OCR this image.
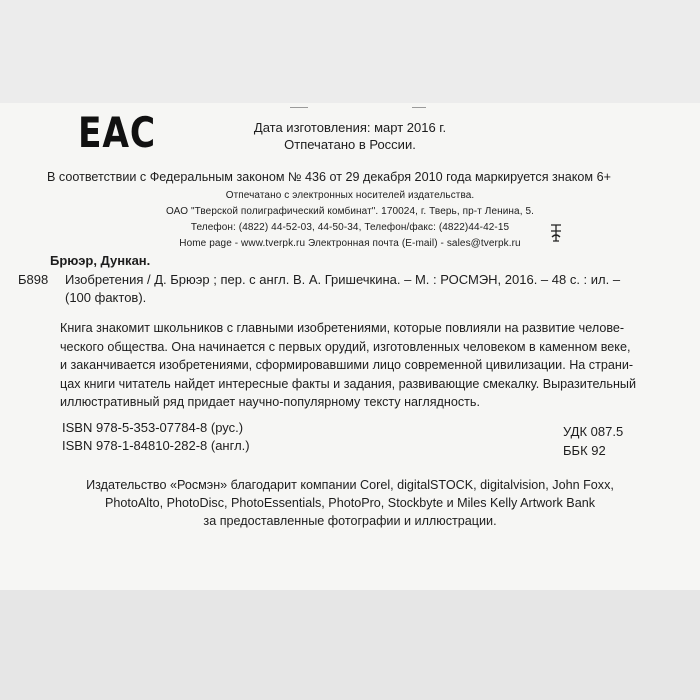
EAC	Дата изготовления: март 2016 г.
Отпечатано в России.
В соответствии с Федеральным законом № 436 от 29 декабря 2010 года маркируется знаком 6+
Отпечатано с электронных носителей издательства.
ОАО "Тверской полиграфический комбинат". 170024, г. Тверь, пр-т Ленина, 5.
Телефон: (4822) 44-52-03, 44-50-34, Телефон/факс: (4822)44-42-15
Home page - www.tverpk.ru Электронная почта (E-mail) - sales@tverpk.ru
Брюэр, Дункан.
Б898 Изобретения / Д. Брюэр ; пер. с англ. В. А. Гришечкина. – М. : РОСМЭН, 2016. – 48 с. : ил. –
(100 фактов).
Книга знакомит школьников с главными изобретениями, которые повлияли на развитие челове-
ческого общества. Она начинается с первых орудий, изготовленных человеком в каменном веке,
и заканчивается изобретениями, сформировавшими лицо современной цивилизации. На страни-
цах книги читатель найдет интересные факты и задания, развивающие смекалку. Выразительный
иллюстративный ряд придает научно-популярному тексту наглядность.
ISBN 978-5-353-07784-8 (рус.)
ISBN 978-1-84810-282-8 (англ.)
УДК 087.5
ББК 92
Издательство «Росмэн» благодарит компании Corel, digitalSTOCK, digitalvision, John Foxx,
PhotoAlto, PhotoDisc, PhotoEssentials, PhotoPro, Stockbyte и Miles Kelly Artwork Bank
за предоставленные фотографии и иллюстрации.
